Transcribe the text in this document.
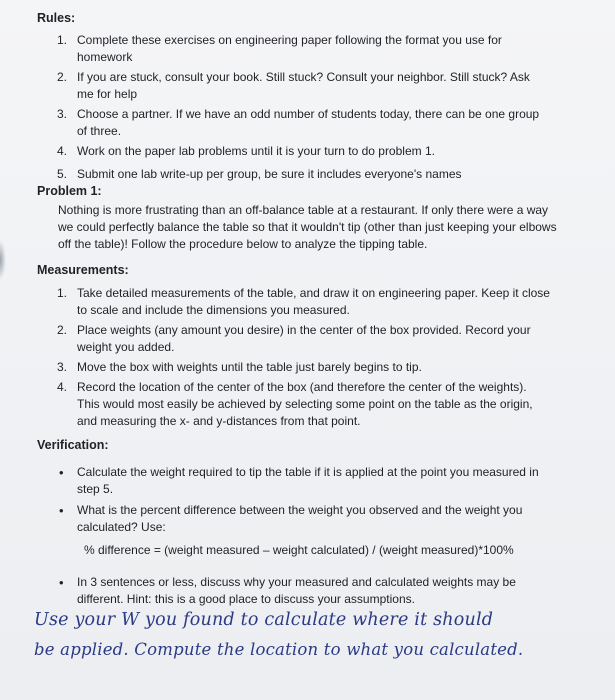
Rules:

1. Complete these exercises on engineering paper following the format you use for homework
2. If you are stuck, consult your book. Still stuck? Consult your neighbor. Still stuck? Ask me for help
3. Choose a partner. If we have an odd number of students today, there can be one group of three.
4. Work on the paper lab problems until it is your turn to do problem 1.
5. Submit one lab write-up per group, be sure it includes everyone's names

Problem 1:

Nothing is more frustrating than an off-balance table at a restaurant. If only there were a way we could perfectly balance the table so that it wouldn't tip (other than just keeping your elbows off the table)! Follow the procedure below to analyze the tipping table.

Measurements:

1. Take detailed measurements of the table, and draw it on engineering paper. Keep it close to scale and include the dimensions you measured.
2. Place weights (any amount you desire) in the center of the box provided. Record your weight you added.
3. Move the box with weights until the table just barely begins to tip.
4. Record the location of the center of the box (and therefore the center of the weights). This would most easily be achieved by selecting some point on the table as the origin, and measuring the x- and y-distances from that point.

Verification:

• Calculate the weight required to tip the table if it is applied at the point you measured in step 5.
• What is the percent difference between the weight you observed and the weight you calculated? Use:

% difference = (weight measured – weight calculated) / (weight measured)*100%

• In 3 sentences or less, discuss why your measured and calculated weights may be different. Hint: this is a good place to discuss your assumptions.
Use your W you found to calculate where it should
be applied. Compute the location to what you calculated.
